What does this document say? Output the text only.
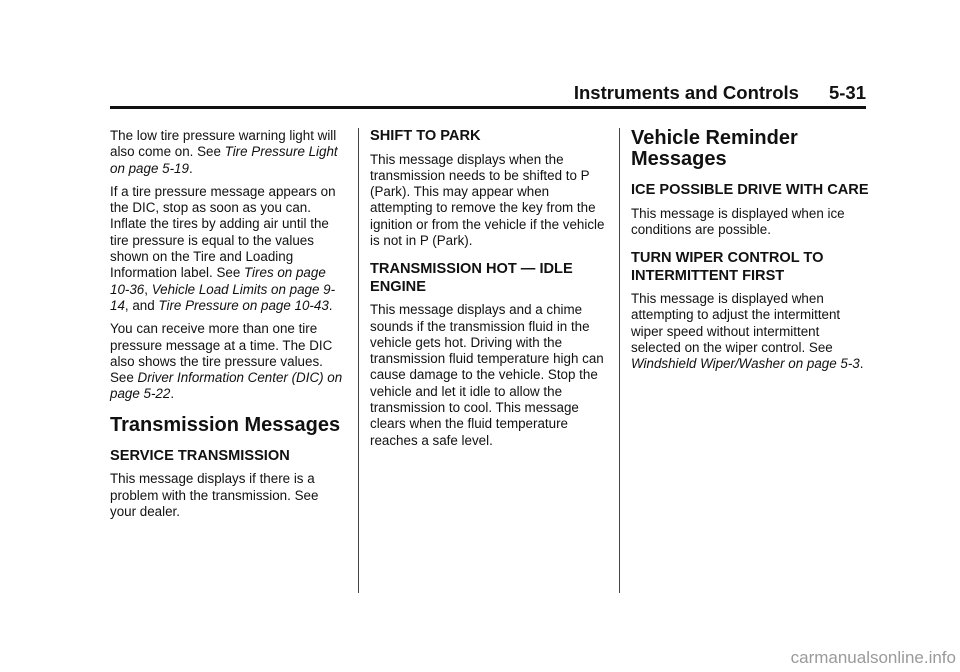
Instruments and Controls 5-31

The low tire pressure warning light will also come on. See Tire Pressure Light on page 5-19.

If a tire pressure message appears on the DIC, stop as soon as you can. Inflate the tires by adding air until the tire pressure is equal to the values shown on the Tire and Loading Information label. See Tires on page 10-36, Vehicle Load Limits on page 9-14, and Tire Pressure on page 10-43.

You can receive more than one tire pressure message at a time. The DIC also shows the tire pressure values. See Driver Information Center (DIC) on page 5-22.

Transmission Messages
SERVICE TRANSMISSION

This message displays if there is a problem with the transmission. See your dealer.

SHIFT TO PARK

This message displays when the transmission needs to be shifted to P (Park). This may appear when attempting to remove the key from the ignition or from the vehicle if the vehicle is not in P (Park).

TRANSMISSION HOT — IDLE ENGINE

This message displays and a chime sounds if the transmission fluid in the vehicle gets hot. Driving with the transmission fluid temperature high can cause damage to the vehicle. Stop the vehicle and let it idle to allow the transmission to cool. This message clears when the fluid temperature reaches a safe level.

Vehicle Reminder Messages
ICE POSSIBLE DRIVE WITH CARE

This message is displayed when ice conditions are possible.

TURN WIPER CONTROL TO INTERMITTENT FIRST

This message is displayed when attempting to adjust the intermittent wiper speed without intermittent selected on the wiper control. See Windshield Wiper/Washer on page 5-3.

carmanualsonline.info
